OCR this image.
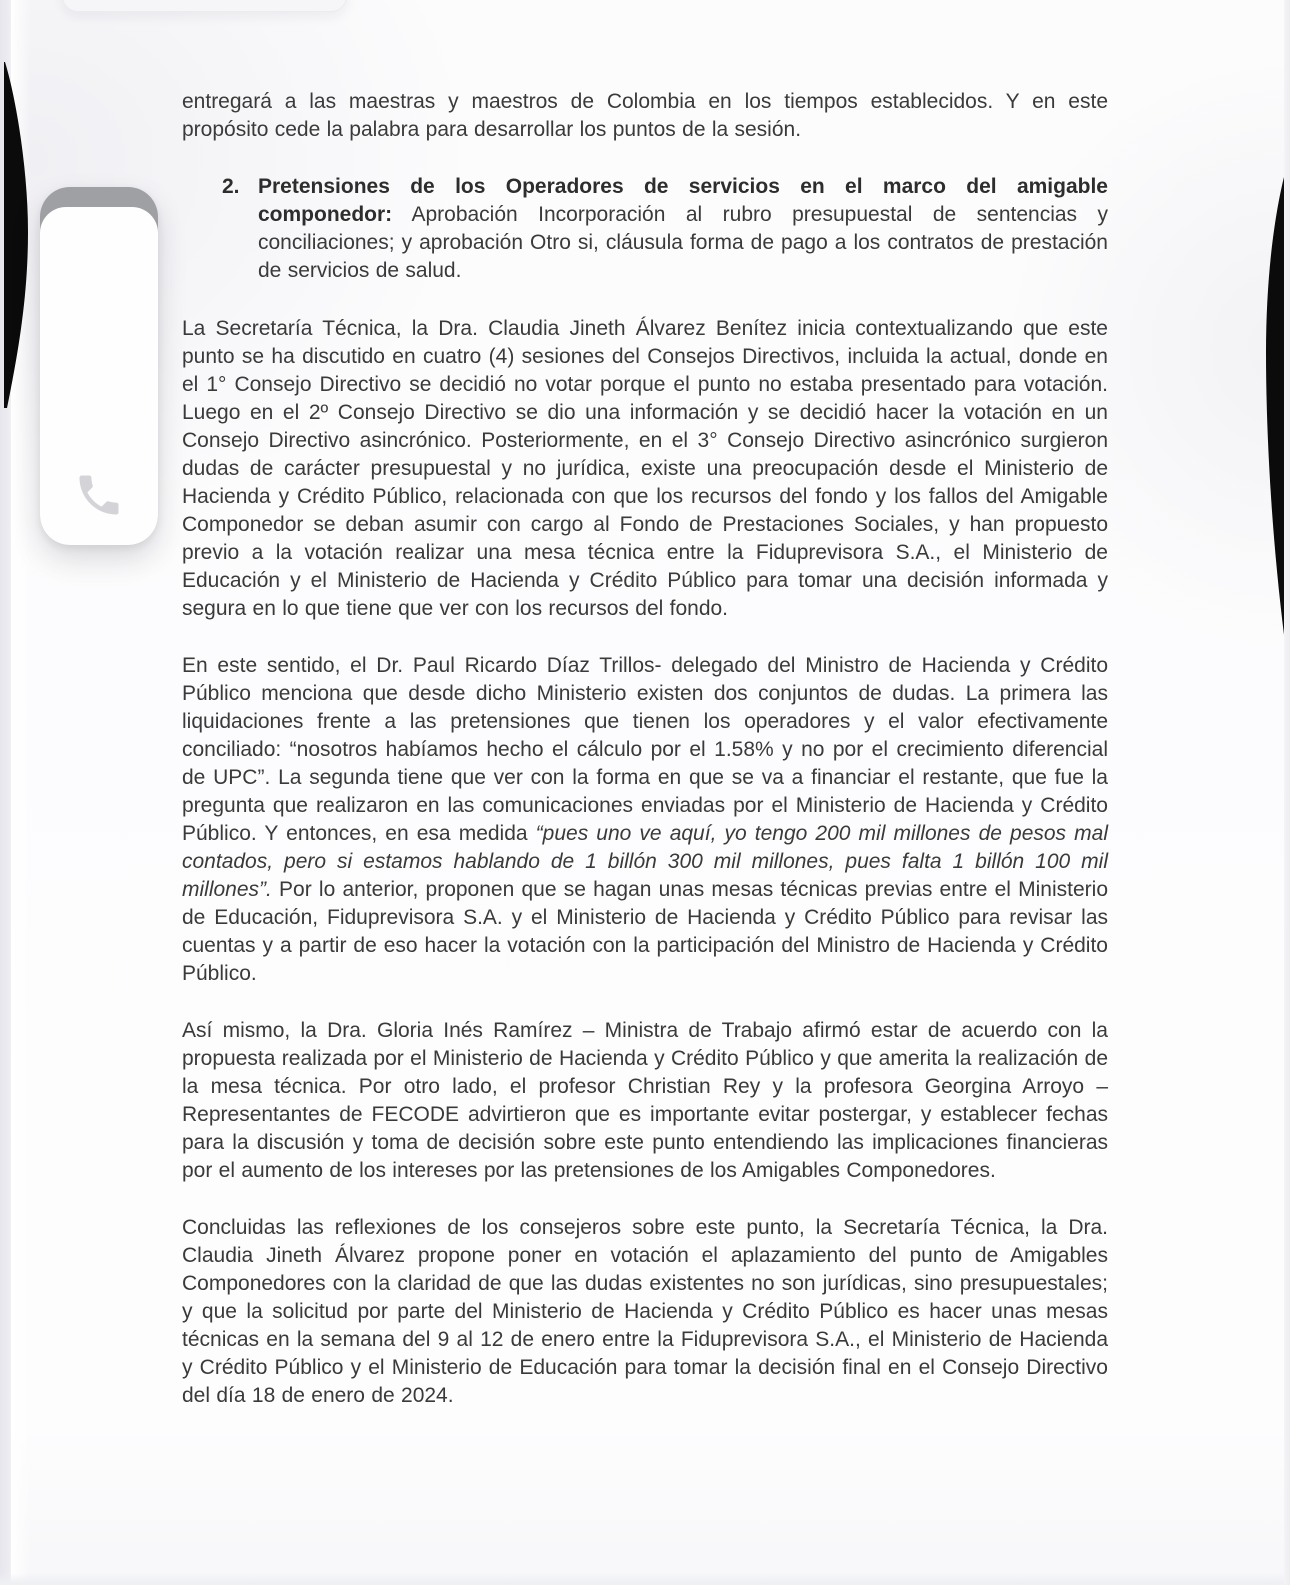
entregará a las maestras y maestros de Colombia en los tiempos establecidos. Y en este propósito cede la palabra para desarrollar los puntos de la sesión.

2. Pretensiones de los Operadores de servicios en el marco del amigable componedor: Aprobación Incorporación al rubro presupuestal de sentencias y conciliaciones; y aprobación Otro si, cláusula forma de pago a los contratos de prestación de servicios de salud.

La Secretaría Técnica, la Dra. Claudia Jineth Álvarez Benítez inicia contextualizando que este punto se ha discutido en cuatro (4) sesiones del Consejos Directivos, incluida la actual, donde en el 1° Consejo Directivo se decidió no votar porque el punto no estaba presentado para votación. Luego en el 2º Consejo Directivo se dio una información y se decidió hacer la votación en un Consejo Directivo asincrónico. Posteriormente, en el 3° Consejo Directivo asincrónico surgieron dudas de carácter presupuestal y no jurídica, existe una preocupación desde el Ministerio de Hacienda y Crédito Público, relacionada con que los recursos del fondo y los fallos del Amigable Componedor se deban asumir con cargo al Fondo de Prestaciones Sociales, y han propuesto previo a la votación realizar una mesa técnica entre la Fiduprevisora S.A., el Ministerio de Educación y el Ministerio de Hacienda y Crédito Público para tomar una decisión informada y segura en lo que tiene que ver con los recursos del fondo.

En este sentido, el Dr. Paul Ricardo Díaz Trillos- delegado del Ministro de Hacienda y Crédito Público menciona que desde dicho Ministerio existen dos conjuntos de dudas. La primera las liquidaciones frente a las pretensiones que tienen los operadores y el valor efectivamente conciliado: “nosotros habíamos hecho el cálculo por el 1.58% y no por el crecimiento diferencial de UPC”. La segunda tiene que ver con la forma en que se va a financiar el restante, que fue la pregunta que realizaron en las comunicaciones enviadas por el Ministerio de Hacienda y Crédito Público. Y entonces, en esa medida “pues uno ve aquí, yo tengo 200 mil millones de pesos mal contados, pero si estamos hablando de 1 billón 300 mil millones, pues falta 1 billón 100 mil millones”. Por lo anterior, proponen que se hagan unas mesas técnicas previas entre el Ministerio de Educación, Fiduprevisora S.A. y el Ministerio de Hacienda y Crédito Público para revisar las cuentas y a partir de eso hacer la votación con la participación del Ministro de Hacienda y Crédito Público.

Así mismo, la Dra. Gloria Inés Ramírez – Ministra de Trabajo afirmó estar de acuerdo con la propuesta realizada por el Ministerio de Hacienda y Crédito Público y que amerita la realización de la mesa técnica. Por otro lado, el profesor Christian Rey y la profesora Georgina Arroyo – Representantes de FECODE advirtieron que es importante evitar postergar, y establecer fechas para la discusión y toma de decisión sobre este punto entendiendo las implicaciones financieras por el aumento de los intereses por las pretensiones de los Amigables Componedores.

Concluidas las reflexiones de los consejeros sobre este punto, la Secretaría Técnica, la Dra. Claudia Jineth Álvarez propone poner en votación el aplazamiento del punto de Amigables Componedores con la claridad de que las dudas existentes no son jurídicas, sino presupuestales; y que la solicitud por parte del Ministerio de Hacienda y Crédito Público es hacer unas mesas técnicas en la semana del 9 al 12 de enero entre la Fiduprevisora S.A., el Ministerio de Hacienda y Crédito Público y el Ministerio de Educación para tomar la decisión final en el Consejo Directivo del día 18 de enero de 2024.
